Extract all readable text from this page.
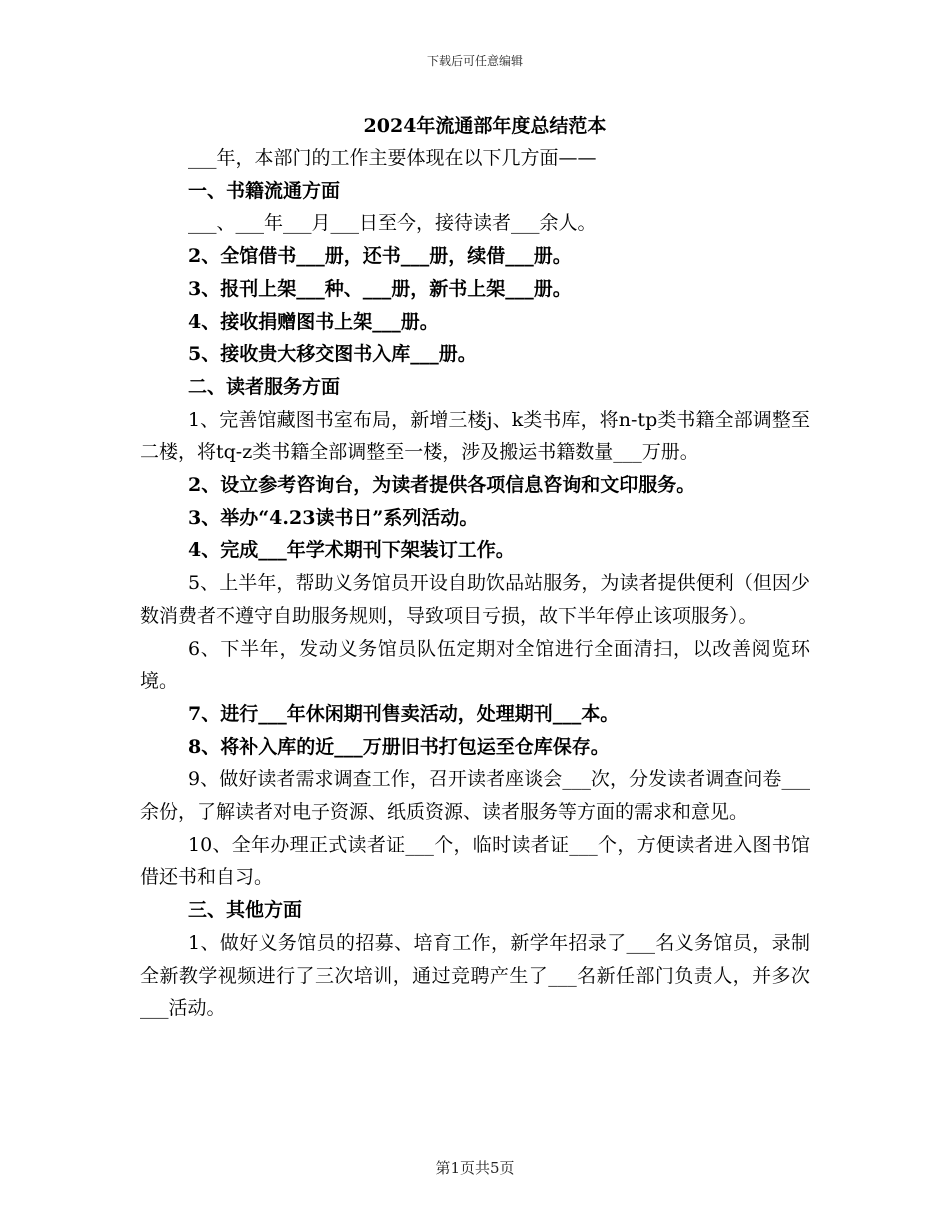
下载后可任意编辑
2024年流通部年度总结范本

___年，本部门的工作主要体现在以下几方面——

一、书籍流通方面

___、___年___月___日至今，接待读者___余人。

2、全馆借书___册，还书___册，续借___册。

3、报刊上架___种、___册，新书上架___册。

4、接收捐赠图书上架___册。

5、接收贵大移交图书入库___册。

二、读者服务方面

1、完善馆藏图书室布局，新增三楼j、k类书库，将n-tp类书籍全部调整至二楼，将tq-z类书籍全部调整至一楼，涉及搬运书籍数量___万册。

2、设立参考咨询台，为读者提供各项信息咨询和文印服务。

3、举办“4.23读书日”系列活动。

4、完成___年学术期刊下架装订工作。

5、上半年，帮助义务馆员开设自助饮品站服务，为读者提供便利（但因少数消费者不遵守自助服务规则，导致项目亏损，故下半年停止该项服务）。

6、下半年，发动义务馆员队伍定期对全馆进行全面清扫，以改善阅览环境。

7、进行___年休闲期刊售卖活动，处理期刊___本。

8、将补入库的近___万册旧书打包运至仓库保存。

9、做好读者需求调查工作，召开读者座谈会___次，分发读者调查问卷___余份，了解读者对电子资源、纸质资源、读者服务等方面的需求和意见。

10、全年办理正式读者证___个，临时读者证___个，方便读者进入图书馆借还书和自习。

三、其他方面

1、做好义务馆员的招募、培育工作，新学年招录了___名义务馆员，录制全新教学视频进行了三次培训，通过竞聘产生了___名新任部门负责人，并多次___活动。

第1页共5页
